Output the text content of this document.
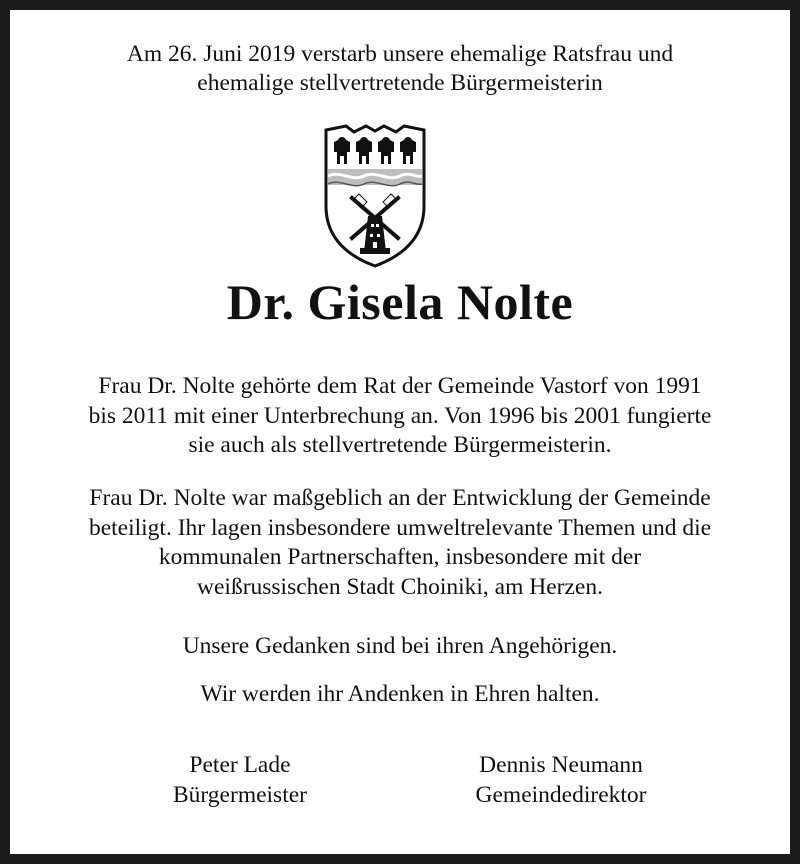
Am 26. Juni 2019 verstarb unsere ehemalige Ratsfrau und
ehemalige stellvertretende Bürgermeisterin
Dr. Gisela Nolte
Frau Dr. Nolte gehörte dem Rat der Gemeinde Vastorf von 1991
bis 2011 mit einer Unterbrechung an. Von 1996 bis 2001 fungierte
sie auch als stellvertretende Bürgermeisterin.
Frau Dr. Nolte war maßgeblich an der Entwicklung der Gemeinde
beteiligt. Ihr lagen insbesondere umweltrelevante Themen und die
kommunalen Partnerschaften, insbesondere mit der
weißrussischen Stadt Choiniki, am Herzen.
Unsere Gedanken sind bei ihren Angehörigen.
Wir werden ihr Andenken in Ehren halten.
Peter Lade
Bürgermeister
Dennis Neumann
Gemeindedirektor
